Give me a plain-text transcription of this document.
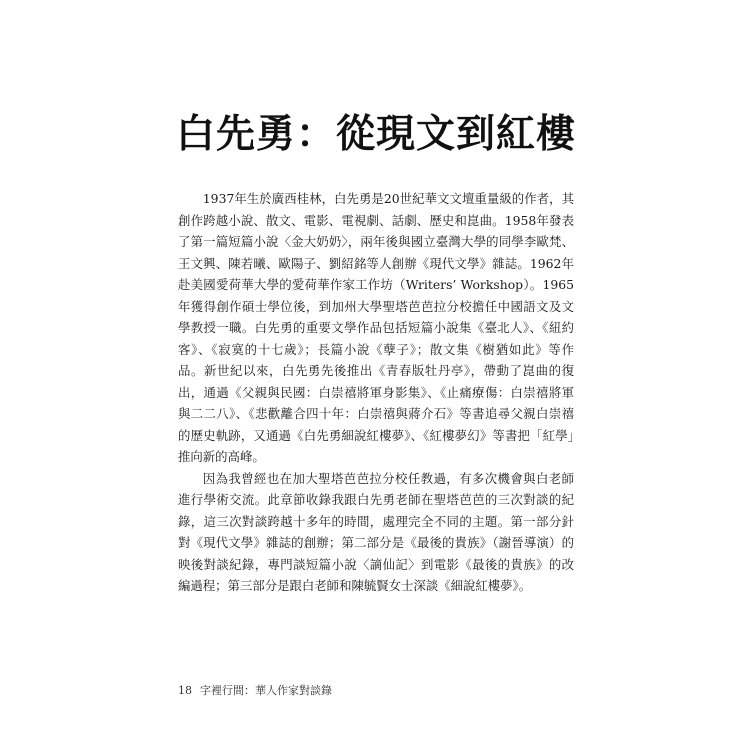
白先勇：從現文到紅樓

1937年生於廣西桂林，白先勇是20世紀華文文壇重量級的作者，其創作跨越小說、散文、電影、電視劇、話劇、歷史和崑曲。1958年發表了第一篇短篇小說〈金大奶奶〉，兩年後與國立臺灣大學的同學李歐梵、王文興、陳若曦、歐陽子、劉紹銘等人創辦《現代文學》雜誌。1962年赴美國愛荷華大學的愛荷華作家工作坊（Writers’ Workshop）。1965年獲得創作碩士學位後，到加州大學聖塔芭芭拉分校擔任中國語文及文學教授一職。白先勇的重要文學作品包括短篇小說集《臺北人》、《紐約客》、《寂寞的十七歲》；長篇小說《孽子》；散文集《樹猶如此》等作品。新世紀以來，白先勇先後推出《青春版牡丹亭》，帶動了崑曲的復出，通過《父親與民國：白崇禧將軍身影集》、《止痛療傷：白崇禧將軍與二二八》、《悲歡離合四十年：白崇禧與蔣介石》等書追尋父親白崇禧的歷史軌跡，又通過《白先勇細說紅樓夢》、《紅樓夢幻》等書把「紅學」推向新的高峰。

因為我曾經也在加大聖塔芭芭拉分校任教過，有多次機會與白老師進行學術交流。此章節收錄我跟白先勇老師在聖塔芭芭的三次對談的紀錄，這三次對談跨越十多年的時間，處理完全不同的主題。第一部分針對《現代文學》雜誌的創辦；第二部分是《最後的貴族》（謝晉導演）的映後對談紀錄，專門談短篇小說〈謫仙記〉到電影《最後的貴族》的改編過程；第三部分是跟白老師和陳毓賢女士深談《細說紅樓夢》。

18 字裡行間：華人作家對談錄
